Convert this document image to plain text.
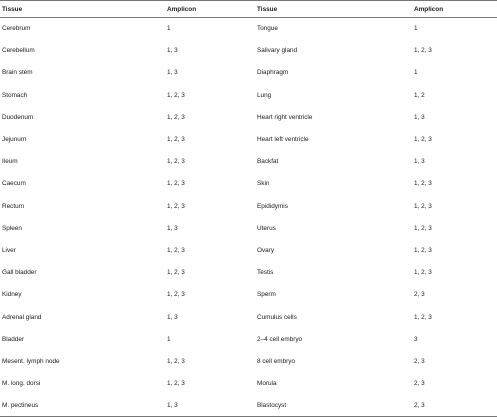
Tissue	Amplicon	Tissue	Amplicon
Cerebrum	1	Tongue	1
Cerebellum	1, 3	Salivary gland	1, 2, 3
Brain stem	1, 3	Diaphragm	1
Stomach	1, 2, 3	Lung	1, 2
Duodenum	1, 2, 3	Heart right ventricle	1, 3
Jejunum	1, 2, 3	Heart left ventricle	1, 2, 3
Ileum	1, 2, 3	Backfat	1, 3
Caecum	1, 2, 3	Skin	1, 2, 3
Rectum	1, 2, 3	Epididymis	1, 2, 3
Spleen	1, 3	Uterus	1, 2, 3
Liver	1, 2, 3	Ovary	1, 2, 3
Gall bladder	1, 2, 3	Testis	1, 2, 3
Kidney	1, 2, 3	Sperm	2, 3
Adrenal gland	1, 3	Cumulus cells	1, 2, 3
Bladder	1	2–4 cell embryo	3
Mesent. lymph node	1, 2, 3	8 cell embryo	2, 3
M. long. dorsi	1, 2, 3	Morula	2, 3
M. pectineus	1, 3	Blastocyst	2, 3
